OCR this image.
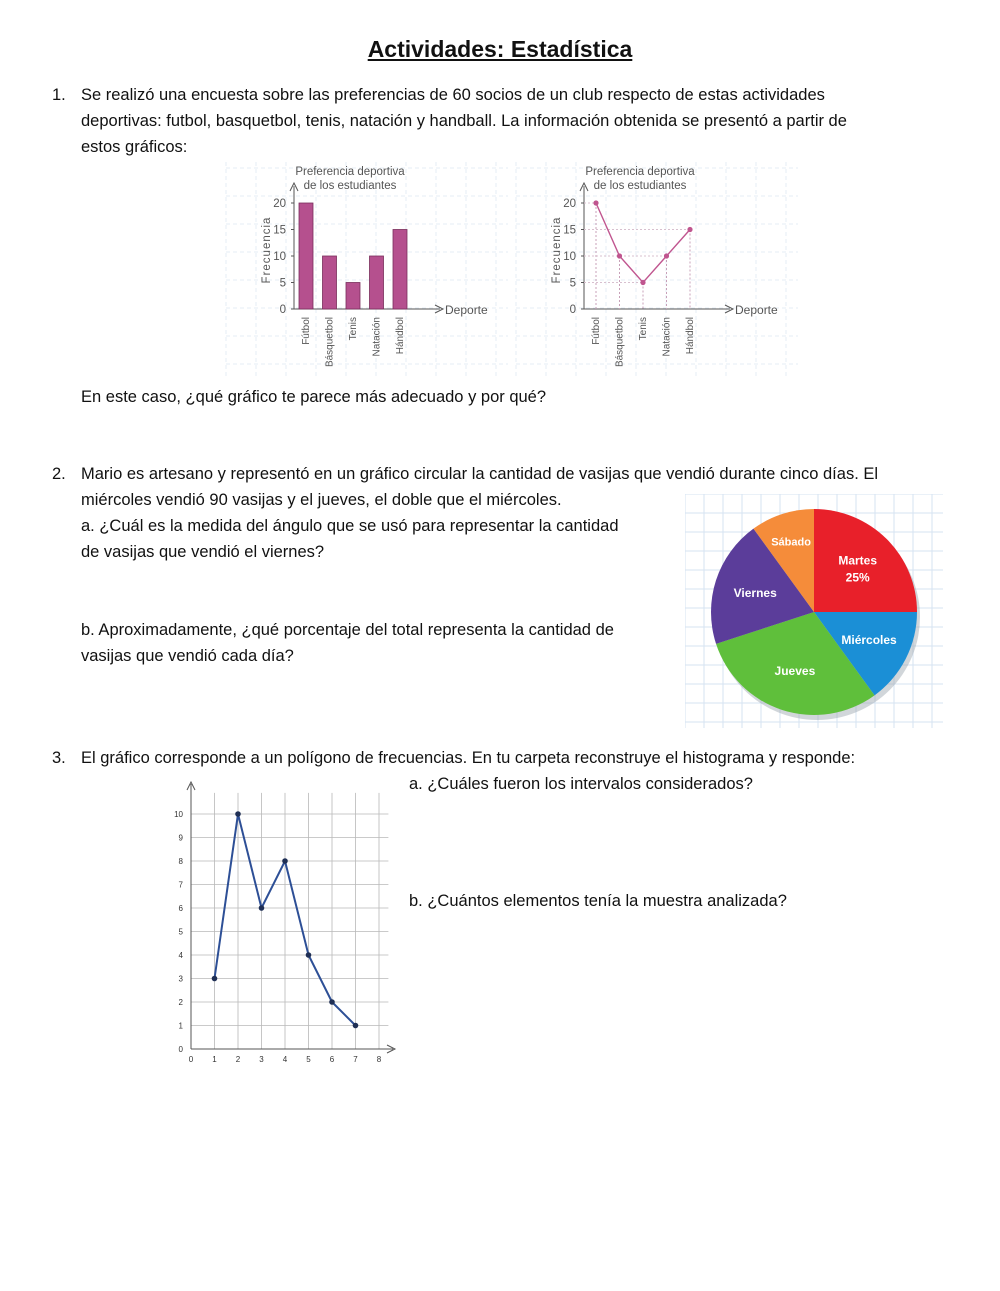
Actividades: Estadística
1. Se realizó una encuesta sobre las preferencias de 60 socios de un club respecto de estas actividades
deportivas: futbol, basquetbol, tenis, natación y handball. La información obtenida se presentó a partir de
estos gráficos:
Preferencia deportiva
de los estudiantes
Deporte
Frecuencia
0
5
10
15
20
Fútbol Básquetbol Tenis Natación Hándbol
Preferencia deportiva
de los estudiantes
Deporte
Frecuencia
0
5
10
15
20
Fútbol Básquetbol Tenis Natación Hándbol
En este caso, ¿qué gráfico te parece más adecuado y por qué?
2. Mario es artesano y representó en un gráfico circular la cantidad de vasijas que vendió durante cinco días. El
miércoles vendió 90 vasijas y el jueves, el doble que el miércoles.
a. ¿Cuál es la medida del ángulo que se usó para representar la cantidad
de vasijas que vendió el viernes?
b. Aproximadamente, ¿qué porcentaje del total representa la cantidad de
vasijas que vendió cada día?
Martes
25%
Miércoles
Jueves
Viernes
Sábado
3. El gráfico corresponde a un polígono de frecuencias. En tu carpeta reconstruye el histograma y responde:
a. ¿Cuáles fueron los intervalos considerados?
b. ¿Cuántos elementos tenía la muestra analizada?
0
1
2
3
4
5
6
7
8
9
10
0 1 2 3 4 5 6 7 8
